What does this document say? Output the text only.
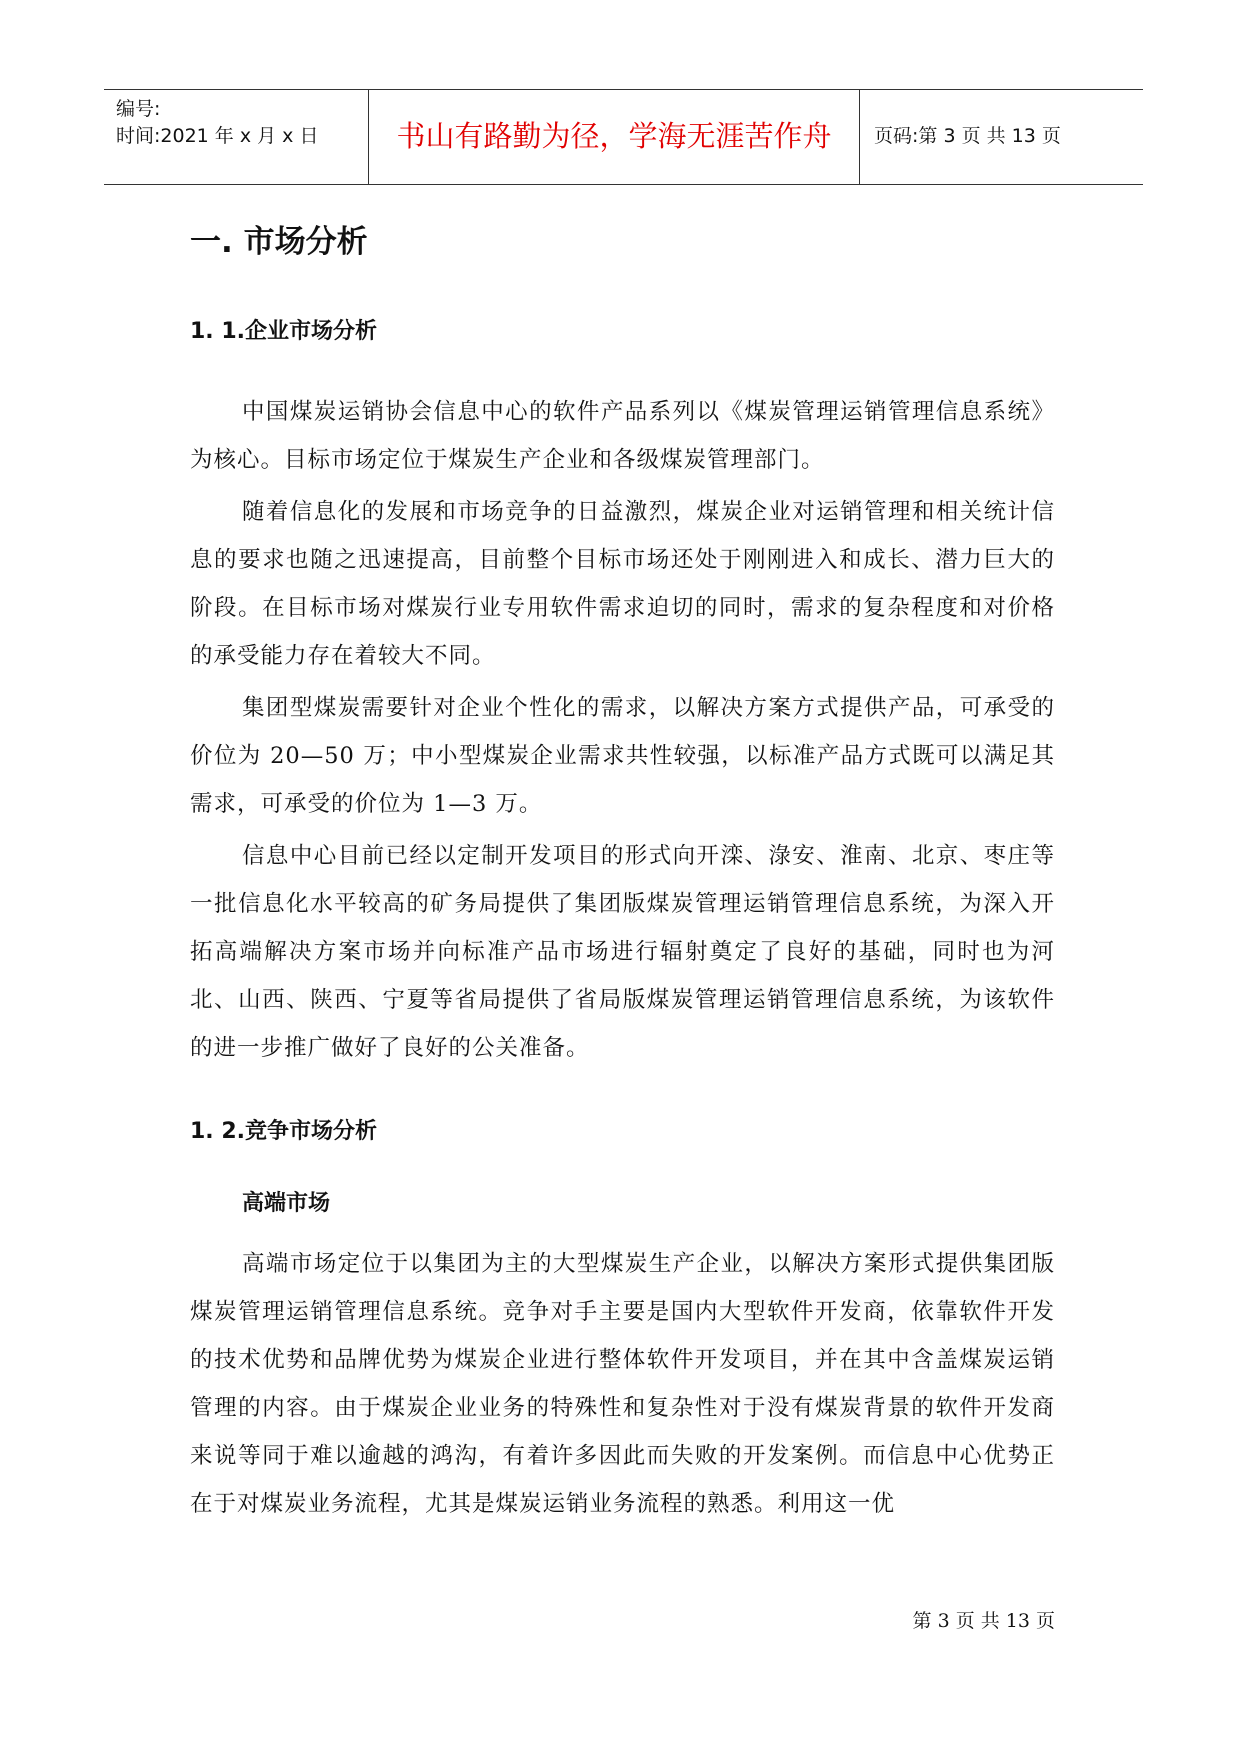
编号:
时间:2021 年 x 月 x 日	书山有路勤为径，学海无涯苦作舟	页码:第 3 页 共 13 页
一. 市场分析
1. 1.企业市场分析
中国煤炭运销协会信息中心的软件产品系列以《煤炭管理运销管理信息系统》为核心。目标市场定位于煤炭生产企业和各级煤炭管理部门。
随着信息化的发展和市场竞争的日益激烈，煤炭企业对运销管理和相关统计信息的要求也随之迅速提高，目前整个目标市场还处于刚刚进入和成长、潜力巨大的阶段。在目标市场对煤炭行业专用软件需求迫切的同时，需求的复杂程度和对价格的承受能力存在着较大不同。
集团型煤炭需要针对企业个性化的需求，以解决方案方式提供产品，可承受的价位为 20—50 万；中小型煤炭企业需求共性较强，以标准产品方式既可以满足其需求，可承受的价位为 1—3 万。
信息中心目前已经以定制开发项目的形式向开滦、淥安、淮南、北京、枣庄等一批信息化水平较高的矿务局提供了集团版煤炭管理运销管理信息系统，为深入开拓高端解决方案市场并向标准产品市场进行辐射奠定了良好的基础，同时也为河北、山西、陕西、宁夏等省局提供了省局版煤炭管理运销管理信息系统，为该软件的进一步推广做好了良好的公关准备。
1. 2.竞争市场分析
高端市场
高端市场定位于以集团为主的大型煤炭生产企业，以解决方案形式提供集团版煤炭管理运销管理信息系统。竞争对手主要是国内大型软件开发商，依靠软件开发的技术优势和品牌优势为煤炭企业进行整体软件开发项目，并在其中含盖煤炭运销管理的内容。由于煤炭企业业务的特殊性和复杂性对于没有煤炭背景的软件开发商来说等同于难以逾越的鸿沟，有着许多因此而失败的开发案例。而信息中心优势正在于对煤炭业务流程，尤其是煤炭运销业务流程的熟悉。利用这一优
第 3 页 共 13 页
